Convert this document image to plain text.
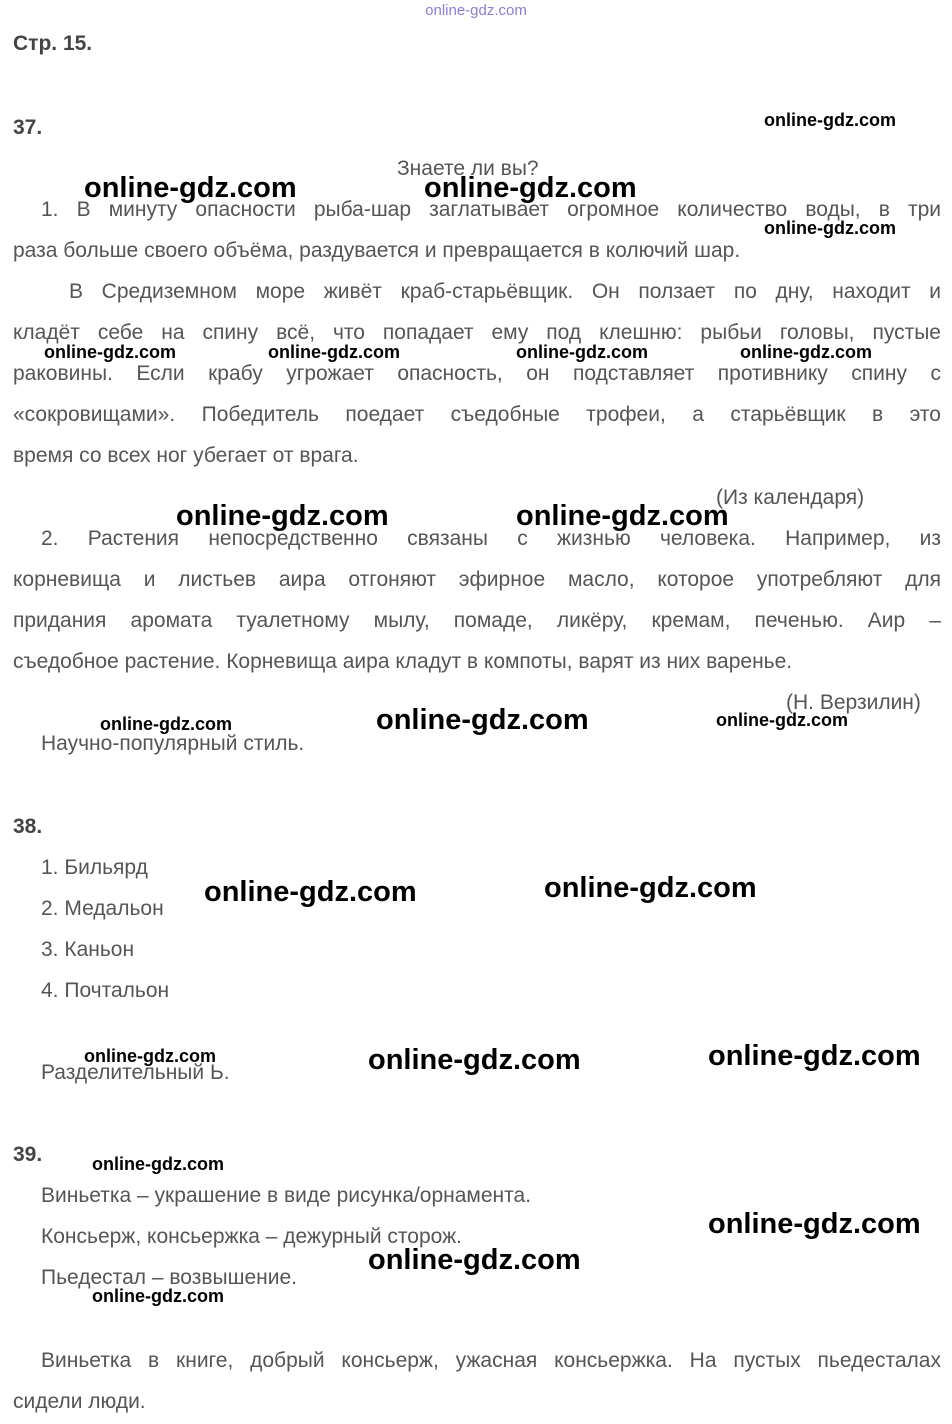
online-gdz.com
Стр. 15.
37.
Знаете ли вы?
1. В минуту опасности рыба-шар заглатывает огромное количество воды, в три
раза больше своего объёма, раздувается и превращается в колючий шар.
В Средиземном море живёт краб-старьёвщик. Он ползает по дну, находит и
кладёт себе на спину всё, что попадает ему под клешню: рыбьи головы, пустые
раковины. Если крабу угрожает опасность, он подставляет противнику спину с
«сокровищами». Победитель поедает съедобные трофеи, а старьёвщик в это
время со всех ног убегает от врага.
(Из календаря)
2. Растения непосредственно связаны с жизнью человека. Например, из
корневища и листьев аира отгоняют эфирное масло, которое употребляют для
придания аромата туалетному мылу, помаде, ликёру, кремам, печенью. Аир –
съедобное растение. Корневища аира кладут в компоты, варят из них варенье.
(Н. Верзилин)
Научно-популярный стиль.
38.
1. Бильярд
2. Медальон
3. Каньон
4. Почтальон
Разделительный Ь.
39.
Виньетка – украшение в виде рисунка/орнамента.
Консьерж, консьержка – дежурный сторож.
Пьедестал – возвышение.
Виньетка в книге, добрый консьерж, ужасная консьержка. На пустых пьедесталах
сидели люди.
online-gdz.com
online-gdz.com	online-gdz.com
online-gdz.com
online-gdz.com	online-gdz.com	online-gdz.com	online-gdz.com
online-gdz.com	online-gdz.com
online-gdz.com	online-gdz.com	online-gdz.com
online-gdz.com	online-gdz.com
online-gdz.com	online-gdz.com	online-gdz.com
online-gdz.com
online-gdz.com
online-gdz.com
online-gdz.com
